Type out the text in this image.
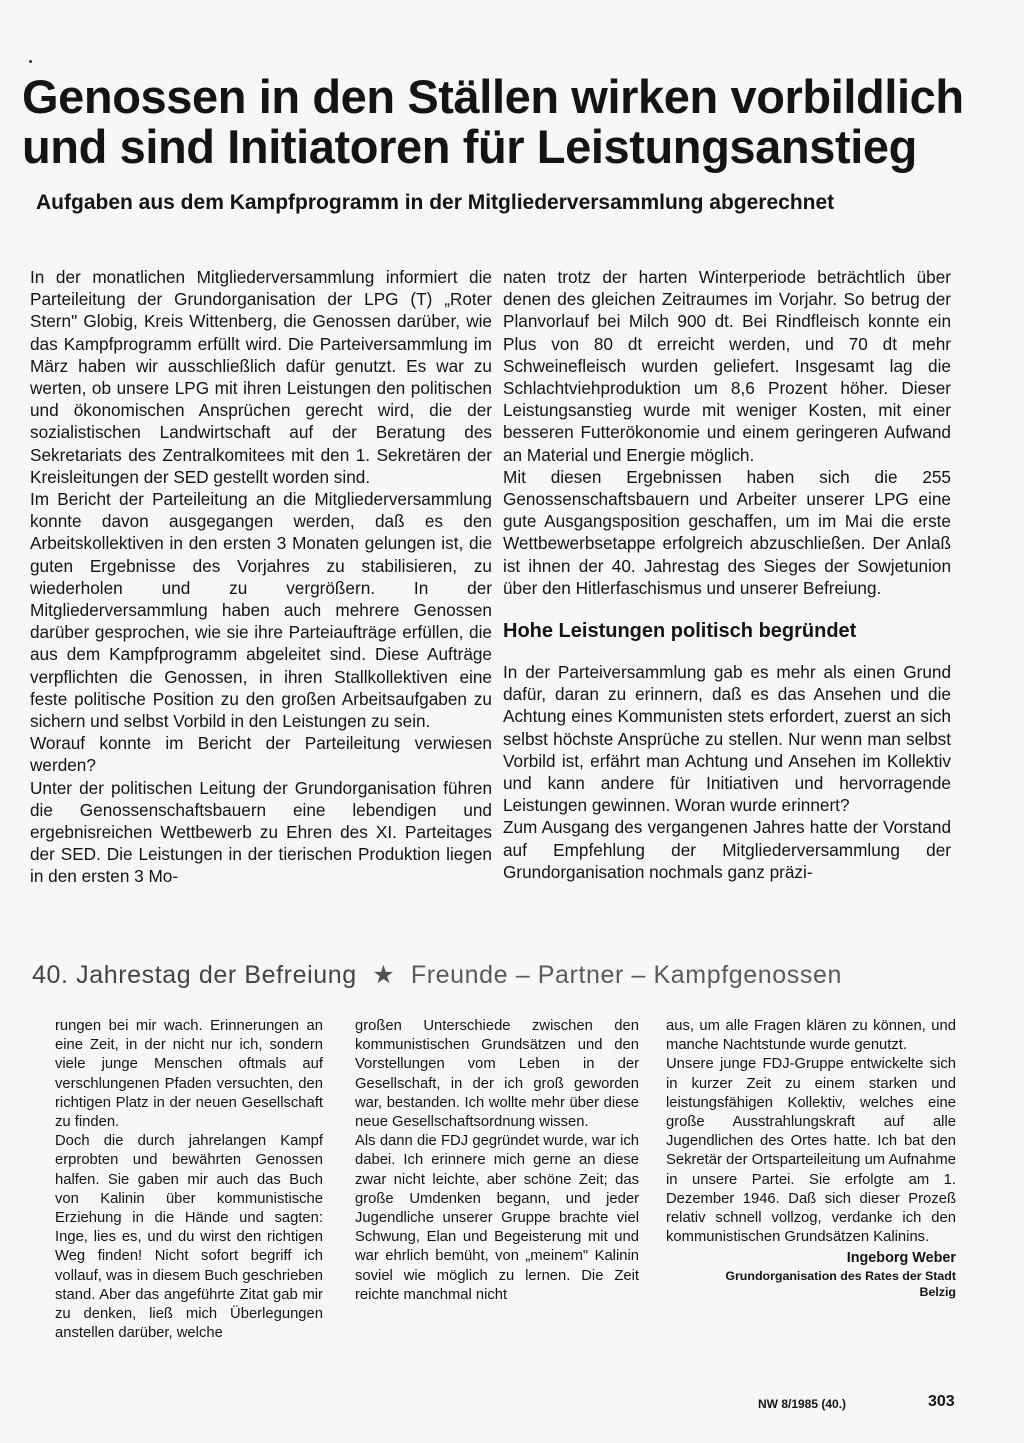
Genossen in den Ställen wirken vorbildlich
und sind Initiatoren für Leistungsanstieg
Aufgaben aus dem Kampfprogramm in der Mitgliederversammlung abgerechnet

In der monatlichen Mitgliederversammlung informiert die Parteileitung der Grundorganisation der LPG (T) „Roter Stern" Globig, Kreis Wittenberg, die Genossen darüber, wie das Kampfprogramm erfüllt wird. Die Parteiversammlung im März haben wir ausschließlich dafür genutzt. Es war zu werten, ob unsere LPG mit ihren Leistungen den politischen und ökonomischen Ansprüchen gerecht wird, die der sozialistischen Landwirtschaft auf der Beratung des Sekretariats des Zentralkomitees mit den 1. Sekretären der Kreisleitungen der SED gestellt worden sind.

Im Bericht der Parteileitung an die Mitgliederversammlung konnte davon ausgegangen werden, daß es den Arbeitskollektiven in den ersten 3 Monaten gelungen ist, die guten Ergebnisse des Vorjahres zu stabilisieren, zu wiederholen und zu vergrößern. In der Mitgliederversammlung haben auch mehrere Genossen darüber gesprochen, wie sie ihre Parteiaufträge erfüllen, die aus dem Kampfprogramm abgeleitet sind. Diese Aufträge verpflichten die Genossen, in ihren Stallkollektiven eine feste politische Position zu den großen Arbeitsaufgaben zu sichern und selbst Vorbild in den Leistungen zu sein.

Worauf konnte im Bericht der Parteileitung verwiesen werden?

Unter der politischen Leitung der Grundorganisation führen die Genossenschaftsbauern eine lebendigen und ergebnisreichen Wettbewerb zu Ehren des XI. Parteitages der SED. Die Leistungen in der tierischen Produktion liegen in den ersten 3 Mo-

naten trotz der harten Winterperiode beträchtlich über denen des gleichen Zeitraumes im Vorjahr. So betrug der Planvorlauf bei Milch 900 dt. Bei Rindfleisch konnte ein Plus von 80 dt erreicht werden, und 70 dt mehr Schweinefleisch wurden geliefert. Insgesamt lag die Schlachtviehproduktion um 8,6 Prozent höher. Dieser Leistungsanstieg wurde mit weniger Kosten, mit einer besseren Futterökonomie und einem geringeren Aufwand an Material und Energie möglich.

Mit diesen Ergebnissen haben sich die 255 Genossenschaftsbauern und Arbeiter unserer LPG eine gute Ausgangsposition geschaffen, um im Mai die erste Wettbewerbsetappe erfolgreich abzuschließen. Der Anlaß ist ihnen der 40. Jahrestag des Sieges der Sowjetunion über den Hitlerfaschismus und unserer Befreiung.

Hohe Leistungen politisch begründet

In der Parteiversammlung gab es mehr als einen Grund dafür, daran zu erinnern, daß es das Ansehen und die Achtung eines Kommunisten stets erfordert, zuerst an sich selbst höchste Ansprüche zu stellen. Nur wenn man selbst Vorbild ist, erfährt man Achtung und Ansehen im Kollektiv und kann andere für Initiativen und hervorragende Leistungen gewinnen. Woran wurde erinnert?

Zum Ausgang des vergangenen Jahres hatte der Vorstand auf Empfehlung der Mitgliederversammlung der Grundorganisation nochmals ganz präzi-

40. Jahrestag der Befreiung ★ Freunde – Partner – Kampfgenossen

rungen bei mir wach. Erinnerungen an eine Zeit, in der nicht nur ich, sondern viele junge Menschen oftmals auf verschlungenen Pfaden versuchten, den richtigen Platz in der neuen Gesellschaft zu finden.

Doch die durch jahrelangen Kampf erprobten und bewährten Genossen halfen. Sie gaben mir auch das Buch von Kalinin über kommunistische Erziehung in die Hände und sagten: Inge, lies es, und du wirst den richtigen Weg finden! Nicht sofort begriff ich vollauf, was in diesem Buch geschrieben stand. Aber das angeführte Zitat gab mir zu denken, ließ mich Überlegungen anstellen darüber, welche

großen Unterschiede zwischen den kommunistischen Grundsätzen und den Vorstellungen vom Leben in der Gesellschaft, in der ich groß geworden war, bestanden. Ich wollte mehr über diese neue Gesellschaftsordnung wissen.

Als dann die FDJ gegründet wurde, war ich dabei. Ich erinnere mich gerne an diese zwar nicht leichte, aber schöne Zeit; das große Umdenken begann, und jeder Jugendliche unserer Gruppe brachte viel Schwung, Elan und Begeisterung mit und war ehrlich bemüht, von „meinem" Kalinin soviel wie möglich zu lernen. Die Zeit reichte manchmal nicht

aus, um alle Fragen klären zu können, und manche Nachtstunde wurde genutzt.

Unsere junge FDJ-Gruppe entwickelte sich in kurzer Zeit zu einem starken und leistungsfähigen Kollektiv, welches eine große Ausstrahlungskraft auf alle Jugendlichen des Ortes hatte. Ich bat den Sekretär der Ortsparteileitung um Aufnahme in unsere Partei. Sie erfolgte am 1. Dezember 1946. Daß sich dieser Prozeß relativ schnell vollzog, verdanke ich den kommunistischen Grundsätzen Kalinins.

Ingeborg Weber
Grundorganisation des Rates der Stadt
Belzig
NW 8/1985 (40.)	303
